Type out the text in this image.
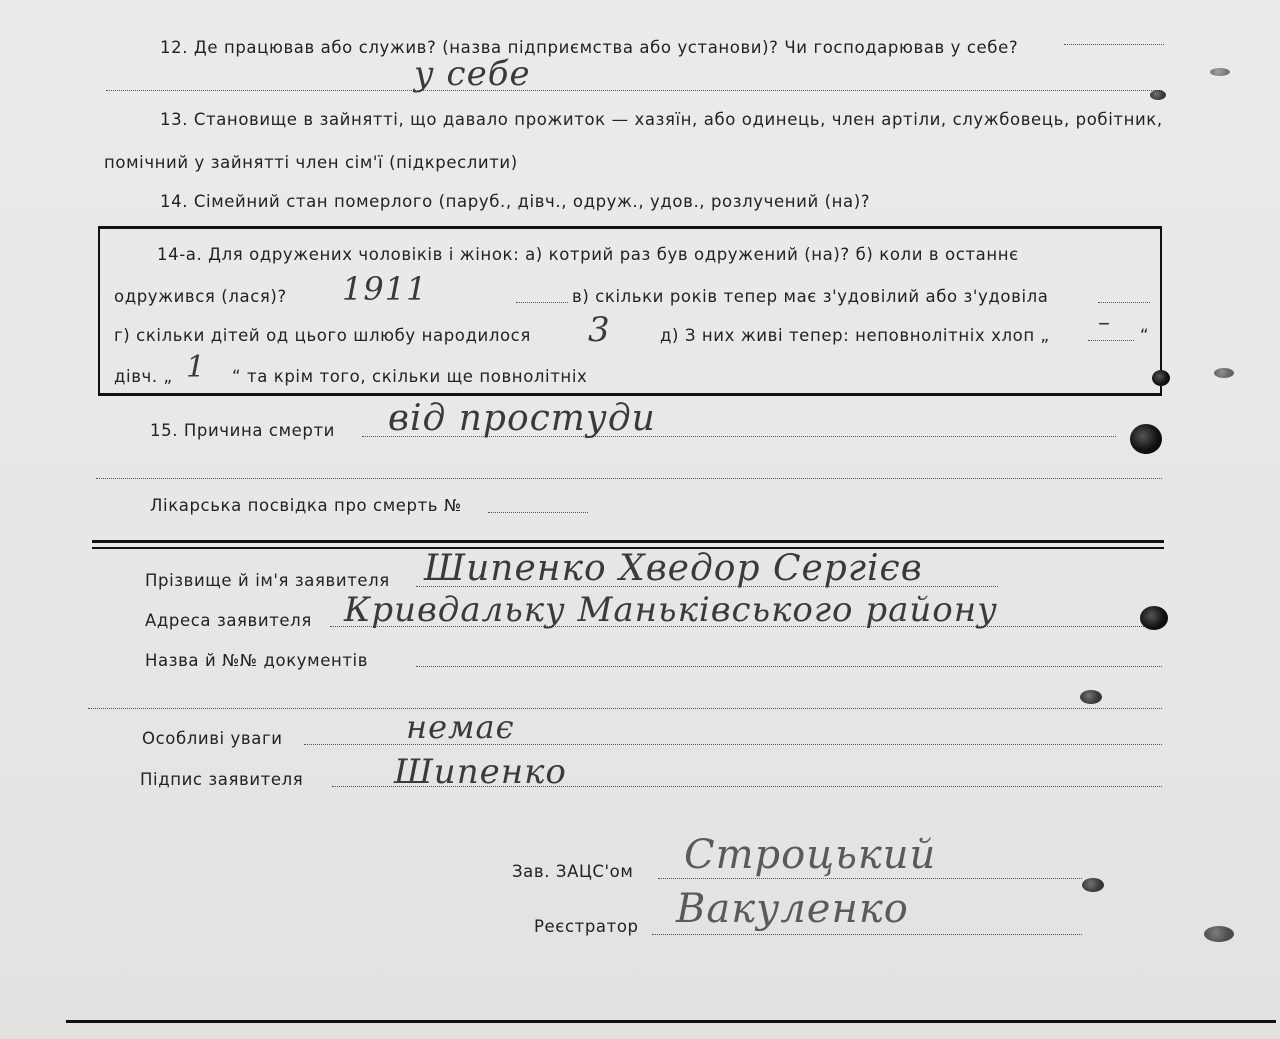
12. Де працював або служив? (назва підприємства або установи)? Чи господарював у себе?
у себе
13. Становище в зайнятті, що давало прожиток — хазяїн, або одинець, член артіли, службовець, робітник,
помічний у зайнятті член сім'ї (підкреслити)
14. Сімейний стан померлого (паруб., дівч., одруж., удов., розлучений (на)?
14-а. Для одружених чоловіків і жінок: а) котрий раз був одружений (на)? б) коли в останнє
одружився (лася)? 1911	в) скільки років тепер має з'удовілий або з'удовіла
г) скільки дітей од цього шлюбу народилося 3	д) З них живі тепер: неповнолітніх хлоп „ – “
дівч. „ 1 “ та крім того, скільки ще повнолітніх
15. Причина смерти від простуди
Лікарська посвідка про смерть №
Прізвище й ім'я заявителя Шипенко Хведор Сергієв
Адреса заявителя Кривдальку Маньківського району
Назва й №№ документів
Особливі уваги	немає
Підпис заявителя	Шипенко
Зав. ЗАЦС'ом Строцький
Реєстратор Вакуленко
